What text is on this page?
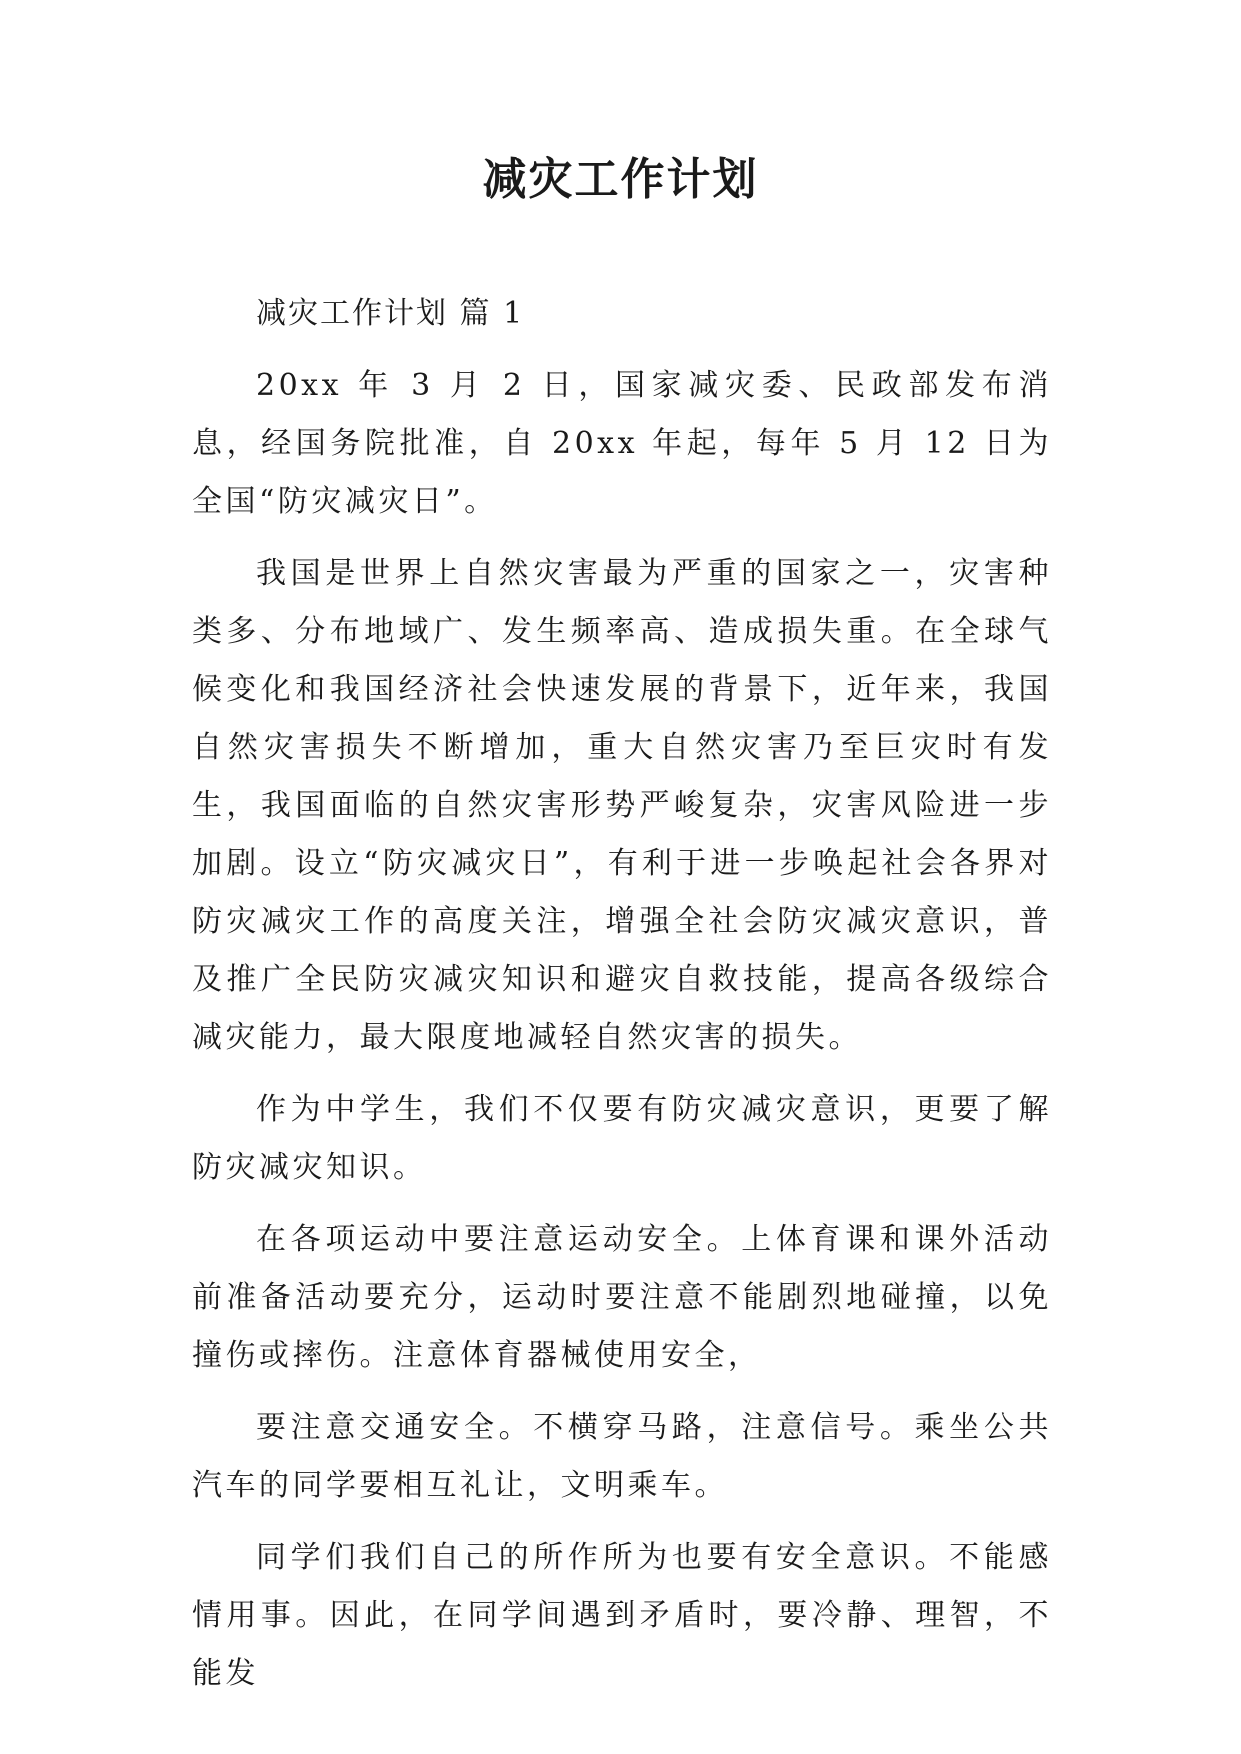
减灾工作计划

减灾工作计划 篇 1

20xx 年 3 月 2 日，国家减灾委、民政部发布消息，经国务院批准，自 20xx 年起，每年 5 月 12 日为全国“防灾减灾日”。

我国是世界上自然灾害最为严重的国家之一，灾害种类多、分布地域广、发生频率高、造成损失重。在全球气候变化和我国经济社会快速发展的背景下，近年来，我国自然灾害损失不断增加，重大自然灾害乃至巨灾时有发生，我国面临的自然灾害形势严峻复杂，灾害风险进一步加剧。设立“防灾减灾日”，有利于进一步唤起社会各界对防灾减灾工作的高度关注，增强全社会防灾减灾意识，普及推广全民防灾减灾知识和避灾自救技能，提高各级综合减灾能力，最大限度地减轻自然灾害的损失。

作为中学生，我们不仅要有防灾减灾意识，更要了解防灾减灾知识。

在各项运动中要注意运动安全。上体育课和课外活动前准备活动要充分，运动时要注意不能剧烈地碰撞，以免撞伤或摔伤。注意体育器械使用安全，

要注意交通安全。不横穿马路，注意信号。乘坐公共汽车的同学要相互礼让，文明乘车。

同学们我们自己的所作所为也要有安全意识。不能感情用事。因此，在同学间遇到矛盾时，要冷静、理智，不能发
